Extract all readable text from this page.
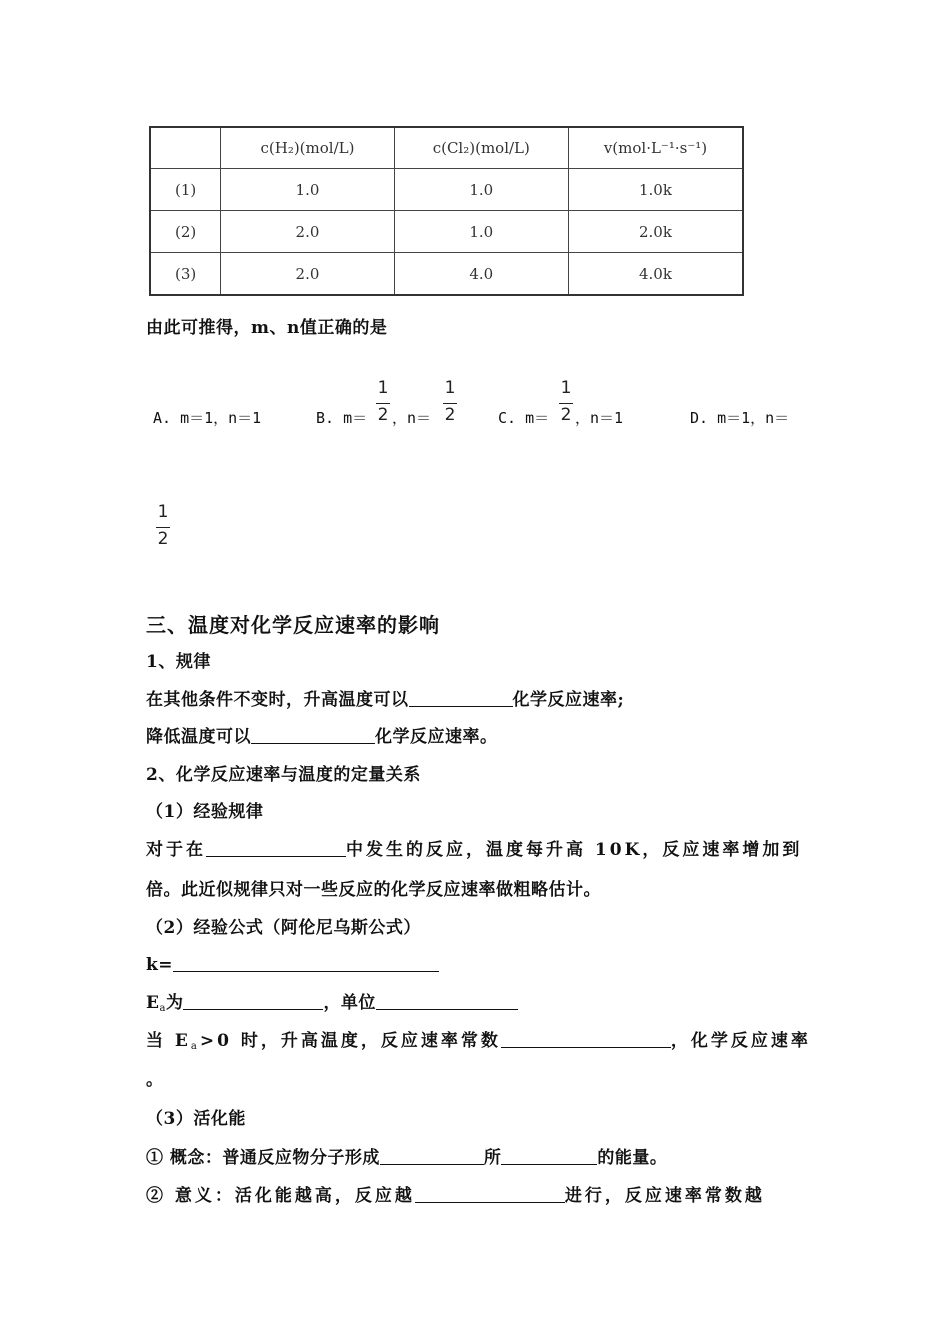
	c(H₂)(mol/L)	c(Cl₂)(mol/L)	v(mol·L⁻¹·s⁻¹)
(1)	1.0	1.0	1.0k
(2)	2.0	1.0	2.0k
(3)	2.0	4.0	4.0k
由此可推得，m、n值正确的是
A. m＝1，n＝1	B. m＝
1
2 ，n＝
1
2	C. m＝
1
2 ，n＝1	D. m＝1，n＝
1
2
三、温度对化学反应速率的影响
1、规律
在其他条件不变时，升高温度可以	化学反应速率;
降低温度可以	化学反应速率。
2、化学反应速率与温度的定量关系
（1）经验规律
对于在	中发生的反应，温度每升高 10K，反应速率增加到
倍。此近似规律只对一些反应的化学反应速率做粗略估计。
（2）经验公式（阿伦尼乌斯公式）
k=
$E_a$为	，单位
当 $E_a>0$ 时，升高温度，反应速率常数	，化学反应速率
。
（3）活化能
① 概念：普通反应物分子形成	所	的能量。
② 意义：活化能越高，反应越	进行，反应速率常数越
